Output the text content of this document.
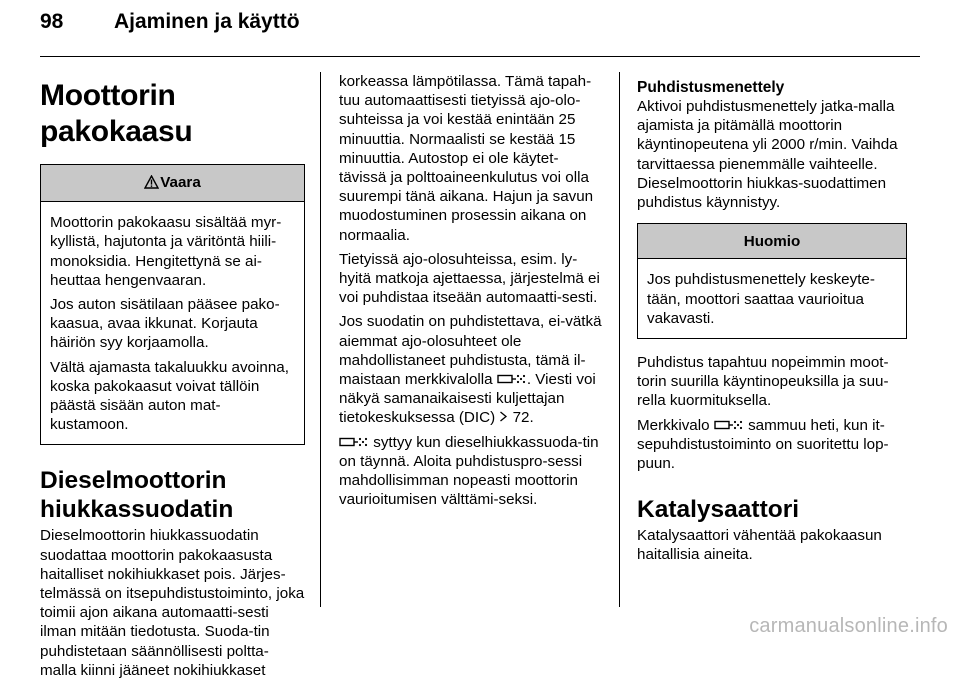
98 Ajaminen ja käyttö
Moottorin pakokaasu
Vaara

Moottorin pakokaasu sisältää myr-kyllistä, hajutonta ja väritöntä hiili-monoksidia. Hengitettynä se ai-heuttaa hengenvaaran.

Jos auton sisätilaan pääsee pako-kaasua, avaa ikkunat. Korjauta häiriön syy korjaamolla.

Vältä ajamasta takaluukku avoinna, koska pakokaasut voivat tällöin päästä sisään auton mat-kustamoon.

Dieselmoottorin hiukkassuodatin

Dieselmoottorin hiukkassuodatin suodattaa moottorin pakokaasusta haitalliset nokihiukkaset pois. Järjes-telmässä on itsepuhdistustoiminto, joka toimii ajon aikana automaatti-sesti ilman mitään tiedotusta. Suoda-tin puhdistetaan säännöllisesti poltta-malla kiinni jääneet nokihiukkaset

korkeassa lämpötilassa. Tämä tapah-tuu automaattisesti tietyissä ajo-olo-suhteissa ja voi kestää enintään 25 minuuttia. Normaalisti se kestää 15 minuuttia. Autostop ei ole käytet-tävissä ja polttoaineenkulutus voi olla suurempi tänä aikana. Hajun ja savun muodostuminen prosessin aikana on normaalia.

Tietyissä ajo-olosuhteissa, esim. ly-hyitä matkoja ajettaessa, järjestelmä ei voi puhdistaa itseään automaatti-sesti.

Jos suodatin on puhdistettava, ei-vätkä aiemmat ajo-olosuhteet ole mahdollistaneet puhdistusta, tämä il-maistaan merkkivalolla . Viesti voi näkyä samanaikaisesti kuljettajan tietokeskuksessa (DIC) 72.

syttyy kun dieselhiukkassuoda-tin on täynnä. Aloita puhdistuspro-sessi mahdollisimman nopeasti moottorin vaurioitumisen välttämi-seksi.

Puhdistusmenettely

Aktivoi puhdistusmenettely jatka-malla ajamista ja pitämällä moottorin käyntinopeutena yli 2000 r/min. Vaihda tarvittaessa pienemmälle vaihteelle. Dieselmoottorin hiukkas-suodattimen puhdistus käynnistyy.

Huomio

Jos puhdistusmenettely keskeyte-tään, moottori saattaa vaurioitua vakavasti.

Puhdistus tapahtuu nopeimmin moot-torin suurilla käyntinopeuksilla ja suu-rella kuormituksella.

Merkkivalo	sammuu heti, kun it-sepuhdistustoiminto on suoritettu lop-puun.

Katalysaattori

Katalysaattori vähentää pakokaasun haitallisia aineita.

carmanualsonline.info
